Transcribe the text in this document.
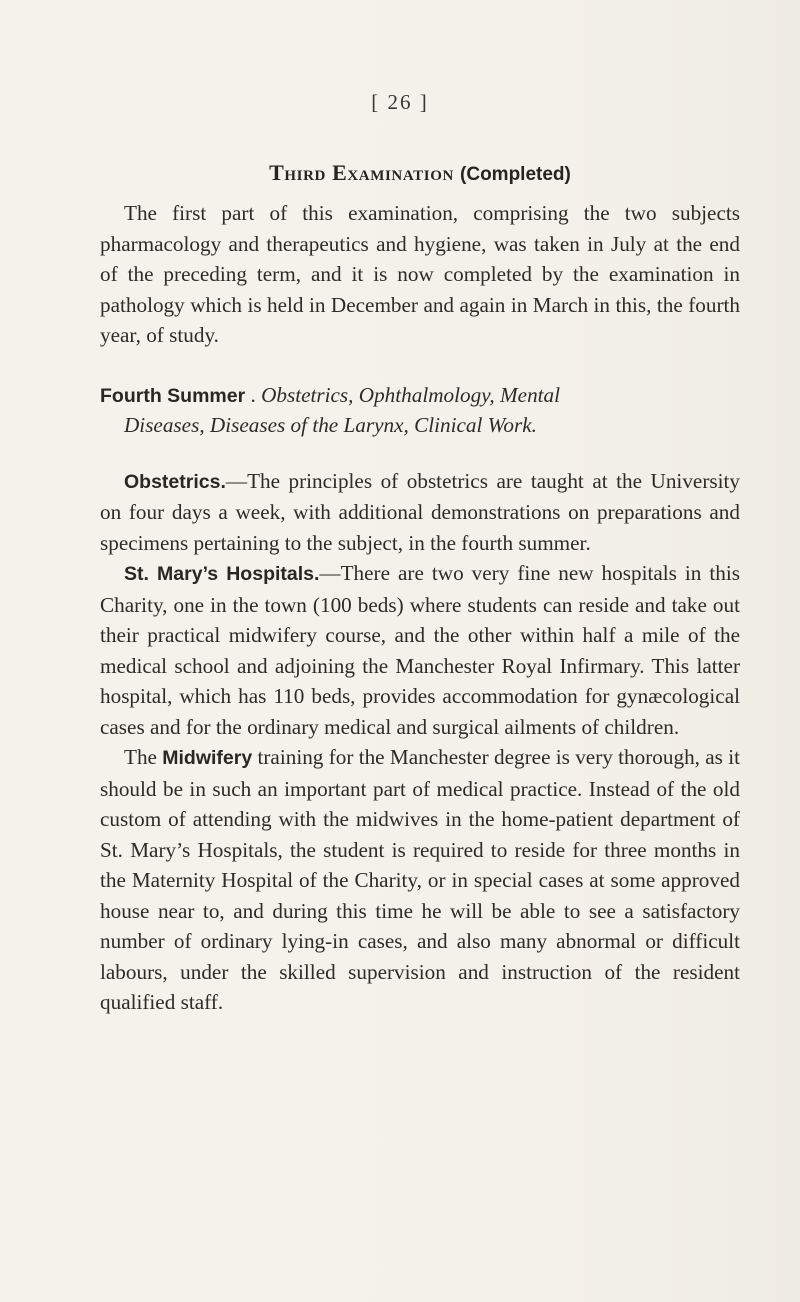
[ 26 ]
Third Examination (Completed)

The first part of this examination, comprising the two subjects pharmacology and therapeutics and hygiene, was taken in July at the end of the preceding term, and it is now completed by the examination in pathology which is held in December and again in March in this, the fourth year, of study.

Fourth Summer . Obstetrics, Ophthalmology, Mental

Diseases, Diseases of the Larynx, Clinical Work.

Obstetrics.—The principles of obstetrics are taught at the University on four days a week, with additional demonstrations on preparations and specimens pertaining to the subject, in the fourth summer.

St. Mary’s Hospitals.—There are two very fine new hospitals in this Charity, one in the town (100 beds) where students can reside and take out their practical midwifery course, and the other within half a mile of the medical school and adjoining the Manchester Royal Infirmary. This latter hospital, which has 110 beds, provides accommodation for gynæcological cases and for the ordinary medical and surgical ailments of children.

The Midwifery training for the Manchester degree is very thorough, as it should be in such an important part of medical practice. Instead of the old custom of attending with the midwives in the home-patient department of St. Mary’s Hospitals, the student is required to reside for three months in the Maternity Hospital of the Charity, or in special cases at some approved house near to, and during this time he will be able to see a satisfactory number of ordinary lying-in cases, and also many abnormal or difficult labours, under the skilled supervision and instruction of the resident qualified staff.
